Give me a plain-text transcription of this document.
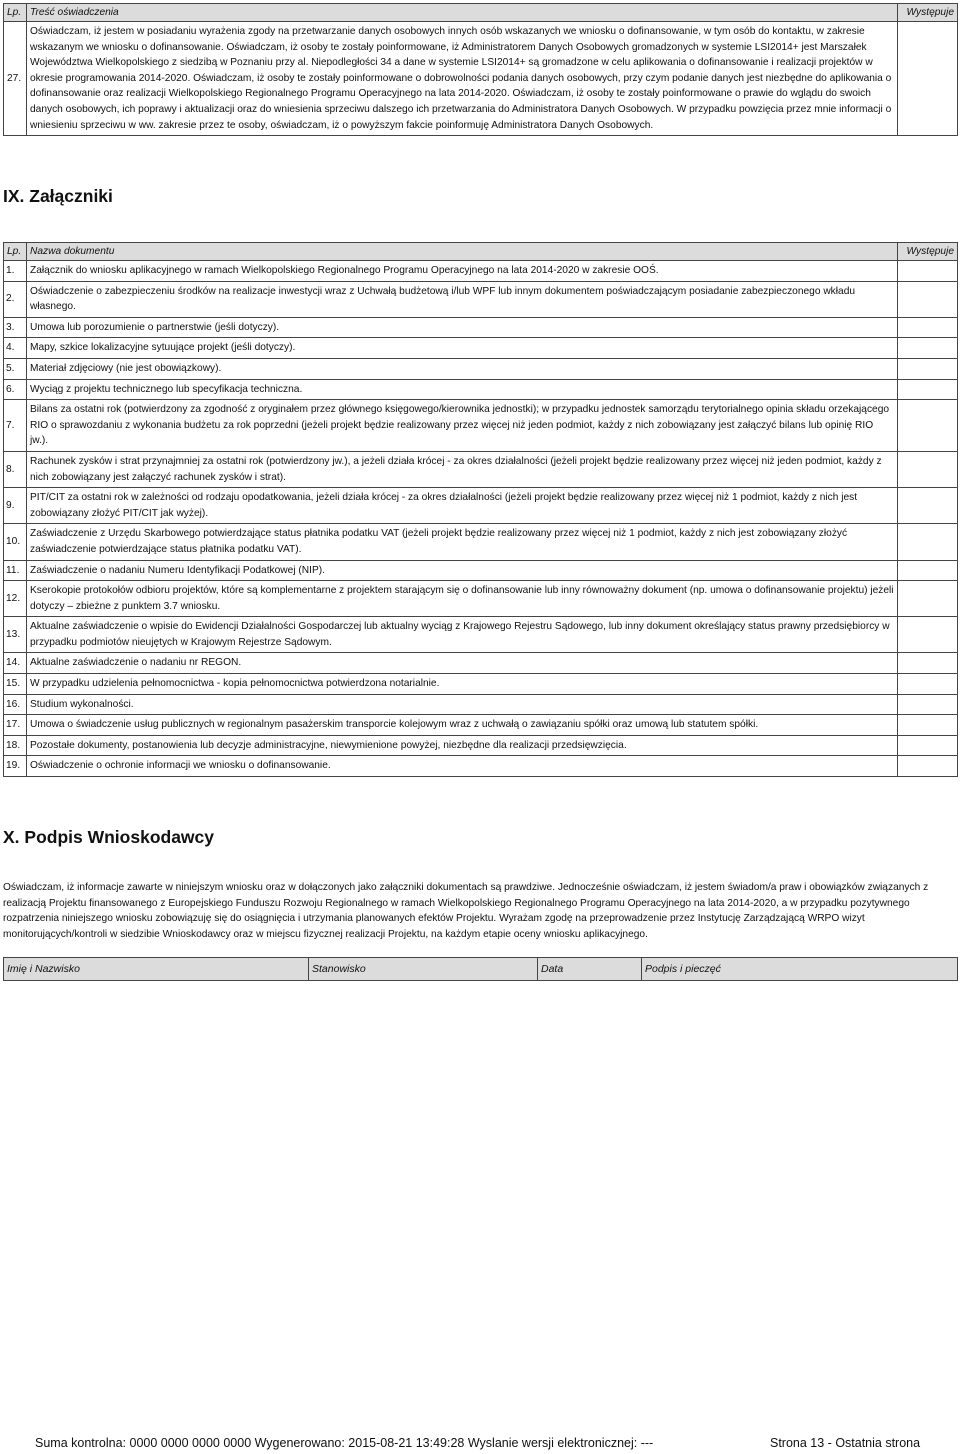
Lp.	Treść oświadczenia	Występuje
27.	Oświadczam, iż jestem w posiadaniu wyrażenia zgody na przetwarzanie danych osobowych innych osób wskazanych we wniosku o dofinansowanie, w tym osób do kontaktu, w zakresie wskazanym we wniosku o dofinansowanie. Oświadczam, iż osoby te zostały poinformowane, iż Administratorem Danych Osobowych gromadzonych w systemie LSI2014+ jest Marszałek Województwa Wielkopolskiego z siedzibą w Poznaniu przy al. Niepodległości 34 a dane w systemie LSI2014+ są gromadzone w celu aplikowania o dofinansowanie i realizacji projektów w okresie programowania 2014-2020. Oświadczam, iż osoby te zostały poinformowane o dobrowolności podania danych osobowych, przy czym podanie danych jest niezbędne do aplikowania o dofinansowanie oraz realizacji Wielkopolskiego Regionalnego Programu Operacyjnego na lata 2014-2020. Oświadczam, iż osoby te zostały poinformowane o prawie do wglądu do swoich danych osobowych, ich poprawy i aktualizacji oraz do wniesienia sprzeciwu dalszego ich przetwarzania do Administratora Danych Osobowych. W przypadku powzięcia przez mnie informacji o wniesieniu sprzeciwu w ww. zakresie przez te osoby, oświadczam, iż o powyższym fakcie poinformuję Administratora Danych Osobowych.	
IX. Załączniki
Lp.	Nazwa dokumentu	Występuje
1.	Załącznik do wniosku aplikacyjnego w ramach Wielkopolskiego Regionalnego Programu Operacyjnego na lata 2014-2020 w zakresie OOŚ.	
2.	Oświadczenie o zabezpieczeniu środków na realizacje inwestycji wraz z Uchwałą budżetową i/lub WPF lub innym dokumentem poświadczającym posiadanie zabezpieczonego wkładu własnego.	
3.	Umowa lub porozumienie o partnerstwie (jeśli dotyczy).	
4.	Mapy, szkice lokalizacyjne sytuujące projekt (jeśli dotyczy).	
5.	Materiał zdjęciowy (nie jest obowiązkowy).	
6.	Wyciąg z projektu technicznego lub specyfikacja techniczna.	
7.	Bilans za ostatni rok (potwierdzony za zgodność z oryginałem przez głównego księgowego/kierownika jednostki); w przypadku jednostek samorządu terytorialnego opinia składu orzekającego RIO o sprawozdaniu z wykonania budżetu za rok poprzedni (jeżeli projekt będzie realizowany przez więcej niż jeden podmiot, każdy z nich zobowiązany jest załączyć bilans lub opinię RIO jw.).	
8.	Rachunek zysków i strat przynajmniej za ostatni rok (potwierdzony jw.), a jeżeli działa krócej - za okres działalności (jeżeli projekt będzie realizowany przez więcej niż jeden podmiot, każdy z nich zobowiązany jest załączyć rachunek zysków i strat).	
9.	PIT/CIT za ostatni rok w zależności od rodzaju opodatkowania, jeżeli działa krócej - za okres działalności (jeżeli projekt będzie realizowany przez więcej niż 1 podmiot, każdy z nich jest zobowiązany złożyć PIT/CIT jak wyżej).	
10.	Zaświadczenie z Urzędu Skarbowego potwierdzające status płatnika podatku VAT (jeżeli projekt będzie realizowany przez więcej niż 1 podmiot, każdy z nich jest zobowiązany złożyć zaświadczenie potwierdzające status płatnika podatku VAT).	
11.	Zaświadczenie o nadaniu Numeru Identyfikacji Podatkowej (NIP).	
12.	Kserokopie protokołów odbioru projektów, które są komplementarne z projektem starającym się o dofinansowanie lub inny równoważny dokument (np. umowa o dofinansowanie projektu) jeżeli dotyczy – zbieżne z punktem 3.7 wniosku.	
13.	Aktualne zaświadczenie o wpisie do Ewidencji Działalności Gospodarczej lub aktualny wyciąg z Krajowego Rejestru Sądowego, lub inny dokument określający status prawny przedsiębiorcy w przypadku podmiotów nieujętych w Krajowym Rejestrze Sądowym.	
14.	Aktualne zaświadczenie o nadaniu nr REGON.	
15.	W przypadku udzielenia pełnomocnictwa - kopia pełnomocnictwa potwierdzona notarialnie.	
16.	Studium wykonalności.	
17.	Umowa o świadczenie usług publicznych w regionalnym pasażerskim transporcie kolejowym wraz z uchwałą o zawiązaniu spółki oraz umową lub statutem spółki.	
18.	Pozostałe dokumenty, postanowienia lub decyzje administracyjne, niewymienione powyżej, niezbędne dla realizacji przedsięwzięcia.	
19.	Oświadczenie o ochronie informacji we wniosku o dofinansowanie.	
X. Podpis Wnioskodawcy

Oświadczam, iż informacje zawarte w niniejszym wniosku oraz w dołączonych jako załączniki dokumentach są prawdziwe. Jednocześnie oświadczam, iż jestem świadom/a praw i obowiązków związanych z realizacją Projektu finansowanego z Europejskiego Funduszu Rozwoju Regionalnego w ramach Wielkopolskiego Regionalnego Programu Operacyjnego na lata 2014-2020, a w przypadku pozytywnego rozpatrzenia niniejszego wniosku zobowiązuję się do osiągnięcia i utrzymania planowanych efektów Projektu. Wyrażam zgodę na przeprowadzenie przez Instytucję Zarządzającą WRPO wizyt monitorujących/kontroli w siedzibie Wnioskodawcy oraz w miejscu fizycznej realizacji Projektu, na każdym etapie oceny wniosku aplikacyjnego.

Imię i Nazwisko	Stanowisko	Data	Podpis i pieczęć
Suma kontrolna: 0000 0000 0000 0000 Wygenerowano: 2015-08-21 13:49:28 Wyslanie wersji elektronicznej: ---	Strona 13 - Ostatnia strona
